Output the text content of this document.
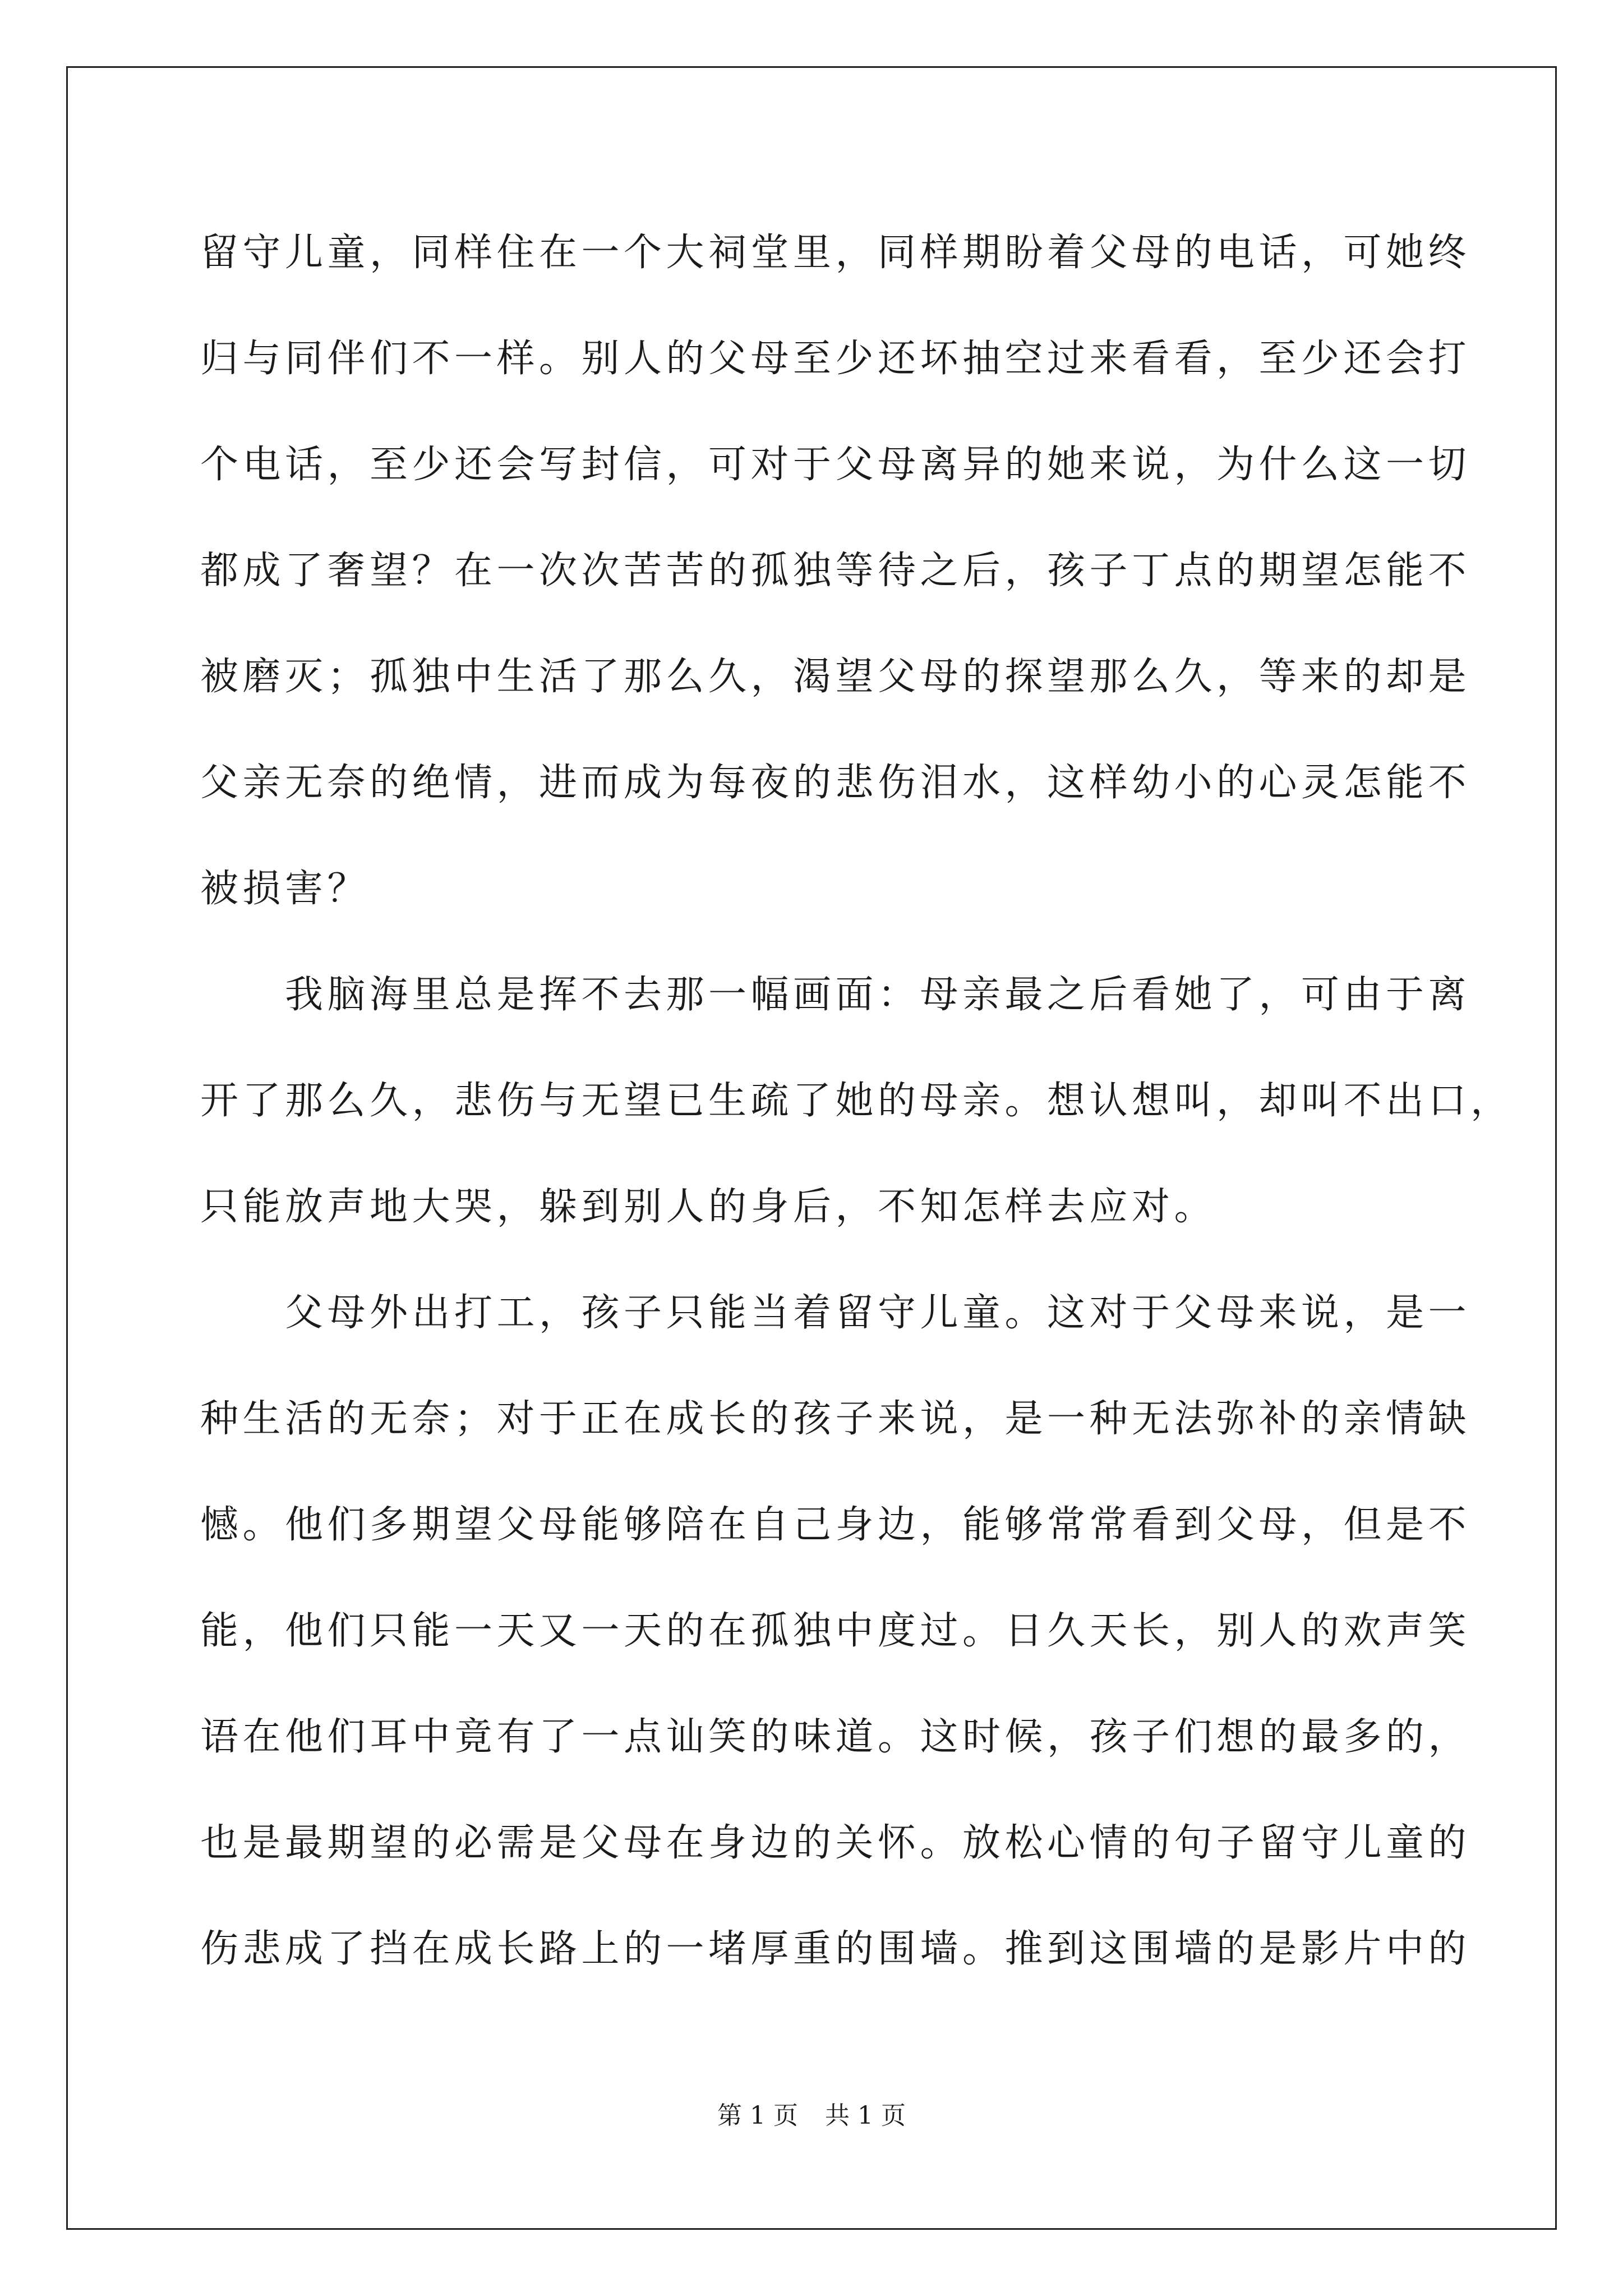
留守儿童，同样住在一个大祠堂里，同样期盼着父母的电话，可她终
归与同伴们不一样。别人的父母至少还坏抽空过来看看，至少还会打
个电话，至少还会写封信，可对于父母离异的她来说，为什么这一切
都成了奢望？在一次次苦苦的孤独等待之后，孩子丁点的期望怎能不
被磨灭；孤独中生活了那么久，渴望父母的探望那么久，等来的却是
父亲无奈的绝情，进而成为每夜的悲伤泪水，这样幼小的心灵怎能不
被损害？
　　我脑海里总是挥不去那一幅画面：母亲最之后看她了，可由于离
开了那么久，悲伤与无望已生疏了她的母亲。想认想叫，却叫不出口，
只能放声地大哭，躲到别人的身后，不知怎样去应对。
　　父母外出打工，孩子只能当着留守儿童。这对于父母来说，是一
种生活的无奈；对于正在成长的孩子来说，是一种无法弥补的亲情缺
憾。他们多期望父母能够陪在自己身边，能够常常看到父母，但是不
能，他们只能一天又一天的在孤独中度过。日久天长，别人的欢声笑
语在他们耳中竟有了一点讪笑的味道。这时候，孩子们想的最多的，
也是最期望的必需是父母在身边的关怀。放松心情的句子留守儿童的
伤悲成了挡在成长路上的一堵厚重的围墙。推到这围墙的是影片中的
第 1 页 共 1 页
